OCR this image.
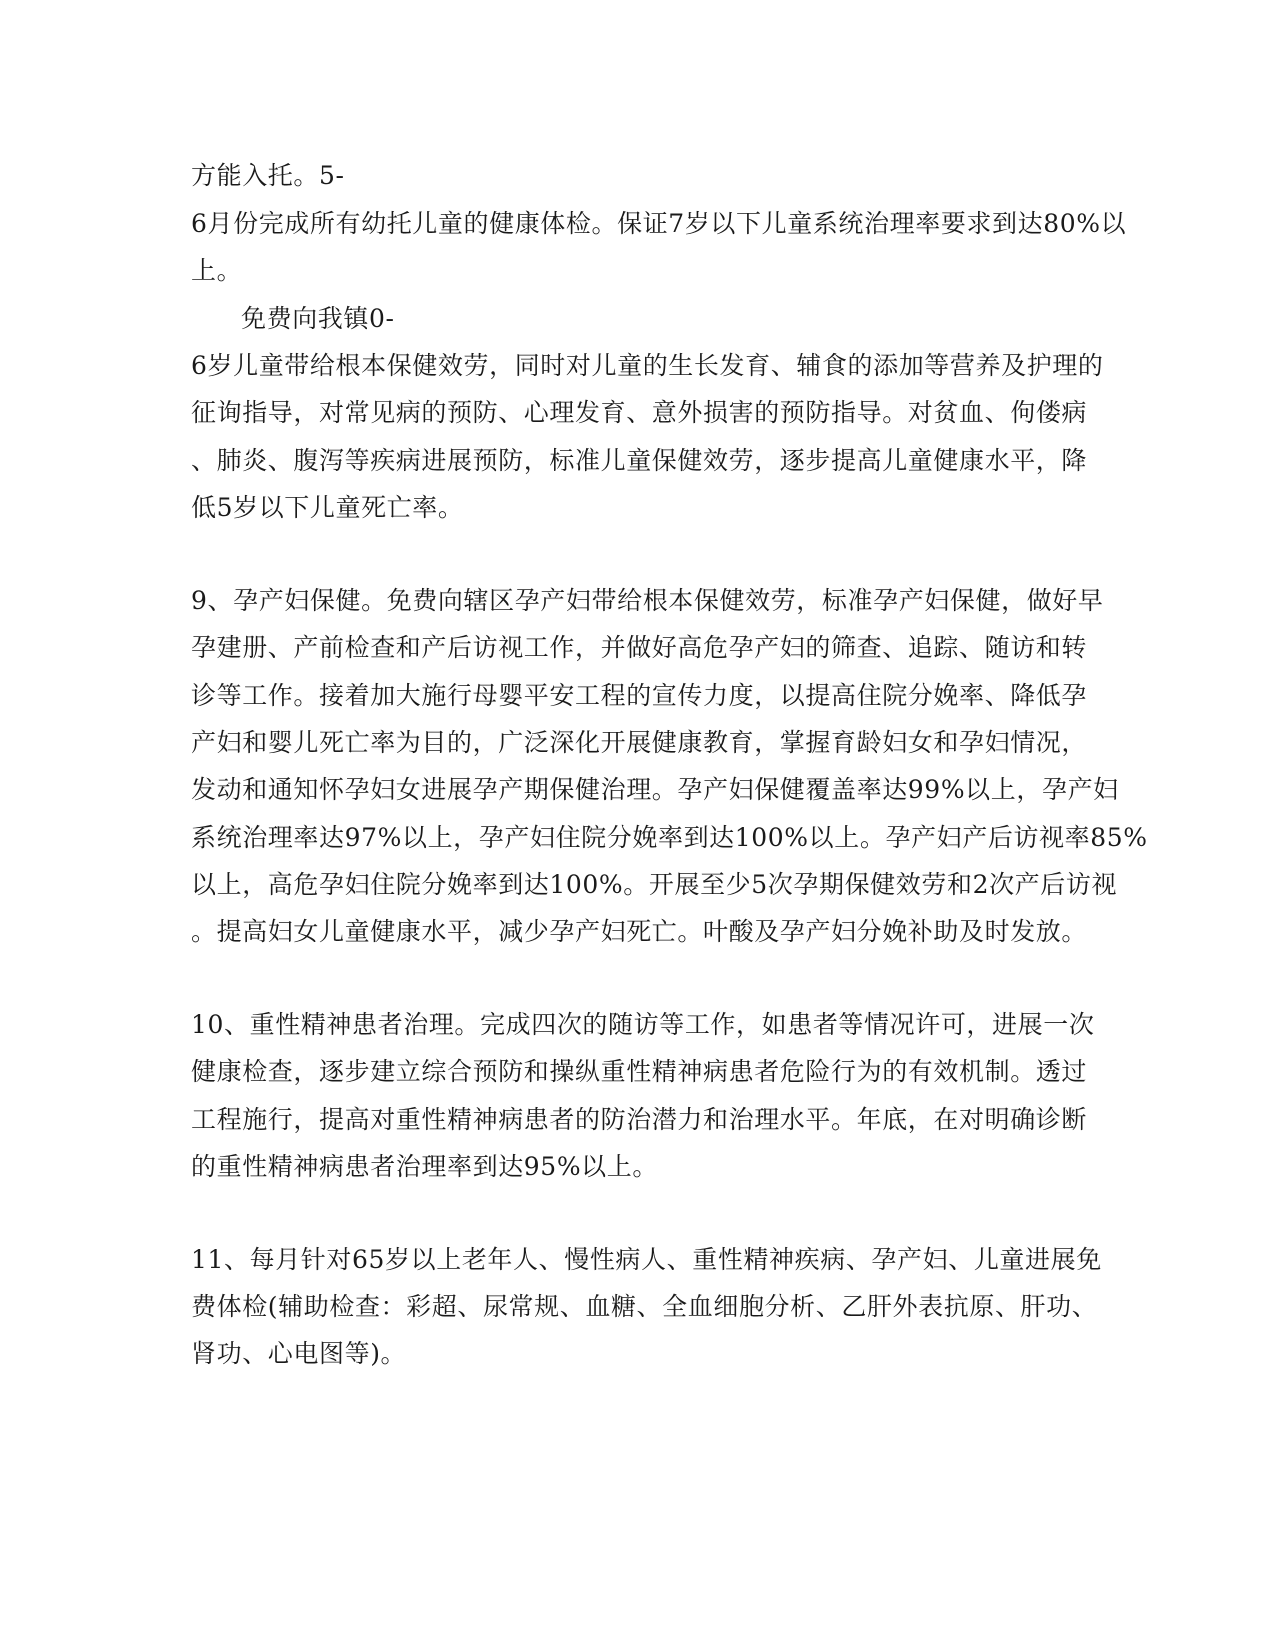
方能入托。5-
6月份完成所有幼托儿童的健康体检。保证7岁以下儿童系统治理率要求到达80%以
上。
免费向我镇0-
6岁儿童带给根本保健效劳，同时对儿童的生长发育、辅食的添加等营养及护理的
征询指导，对常见病的预防、心理发育、意外损害的预防指导。对贫血、佝偻病
、肺炎、腹泻等疾病进展预防，标准儿童保健效劳，逐步提高儿童健康水平，降
低5岁以下儿童死亡率。
9、孕产妇保健。免费向辖区孕产妇带给根本保健效劳，标准孕产妇保健，做好早
孕建册、产前检查和产后访视工作，并做好高危孕产妇的筛查、追踪、随访和转
诊等工作。接着加大施行母婴平安工程的宣传力度，以提高住院分娩率、降低孕
产妇和婴儿死亡率为目的，广泛深化开展健康教育，掌握育龄妇女和孕妇情况，
发动和通知怀孕妇女进展孕产期保健治理。孕产妇保健覆盖率达99%以上，孕产妇
系统治理率达97%以上，孕产妇住院分娩率到达100%以上。孕产妇产后访视率85%
以上，高危孕妇住院分娩率到达100%。开展至少5次孕期保健效劳和2次产后访视
。提高妇女儿童健康水平，减少孕产妇死亡。叶酸及孕产妇分娩补助及时发放。
10、重性精神患者治理。完成四次的随访等工作，如患者等情况许可，进展一次
健康检查，逐步建立综合预防和操纵重性精神病患者危险行为的有效机制。透过
工程施行，提高对重性精神病患者的防治潜力和治理水平。年底，在对明确诊断
的重性精神病患者治理率到达95%以上。
11、每月针对65岁以上老年人、慢性病人、重性精神疾病、孕产妇、儿童进展免
费体检(辅助检查：彩超、尿常规、血糖、全血细胞分析、乙肝外表抗原、肝功、
肾功、心电图等)。
